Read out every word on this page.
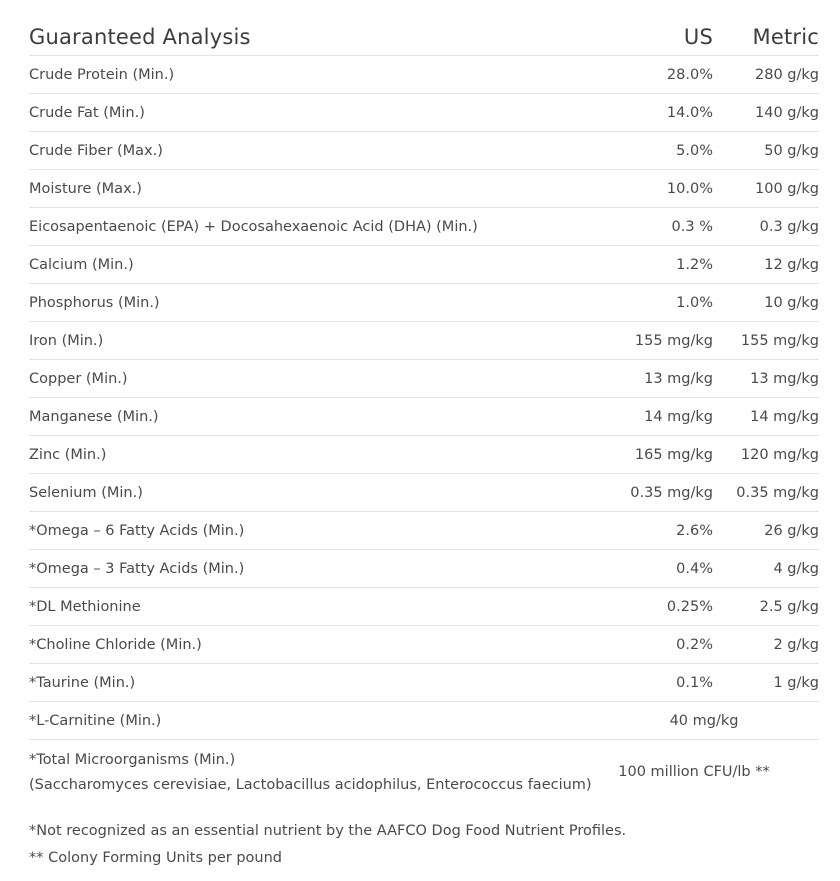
Guaranteed Analysis	US	Metric
Crude Protein (Min.)	28.0%	280 g/kg
Crude Fat (Min.)	14.0%	140 g/kg
Crude Fiber (Max.)	5.0%	50 g/kg
Moisture (Max.)	10.0%	100 g/kg
Eicosapentaenoic (EPA) + Docosahexaenoic Acid (DHA) (Min.)	0.3 %	0.3 g/kg
Calcium (Min.)	1.2%	12 g/kg
Phosphorus (Min.)	1.0%	10 g/kg
Iron (Min.)	155 mg/kg	155 mg/kg
Copper (Min.)	13 mg/kg	13 mg/kg
Manganese (Min.)	14 mg/kg	14 mg/kg
Zinc (Min.)	165 mg/kg	120 mg/kg
Selenium (Min.)	0.35 mg/kg	0.35 mg/kg
*Omega – 6 Fatty Acids (Min.)	2.6%	26 g/kg
*Omega – 3 Fatty Acids (Min.)	0.4%	4 g/kg
*DL Methionine	0.25%	2.5 g/kg
*Choline Chloride (Min.)	0.2%	2 g/kg
*Taurine (Min.)	0.1%	1 g/kg
*L-Carnitine (Min.)	40 mg/kg	
*Total Microorganisms (Min.)
(Saccharomyces cerevisiae, Lactobacillus acidophilus, Enterococcus faecium)	100 million CFU/lb **	
*Not recognized as an essential nutrient by the AAFCO Dog Food Nutrient Profiles.
** Colony Forming Units per pound
